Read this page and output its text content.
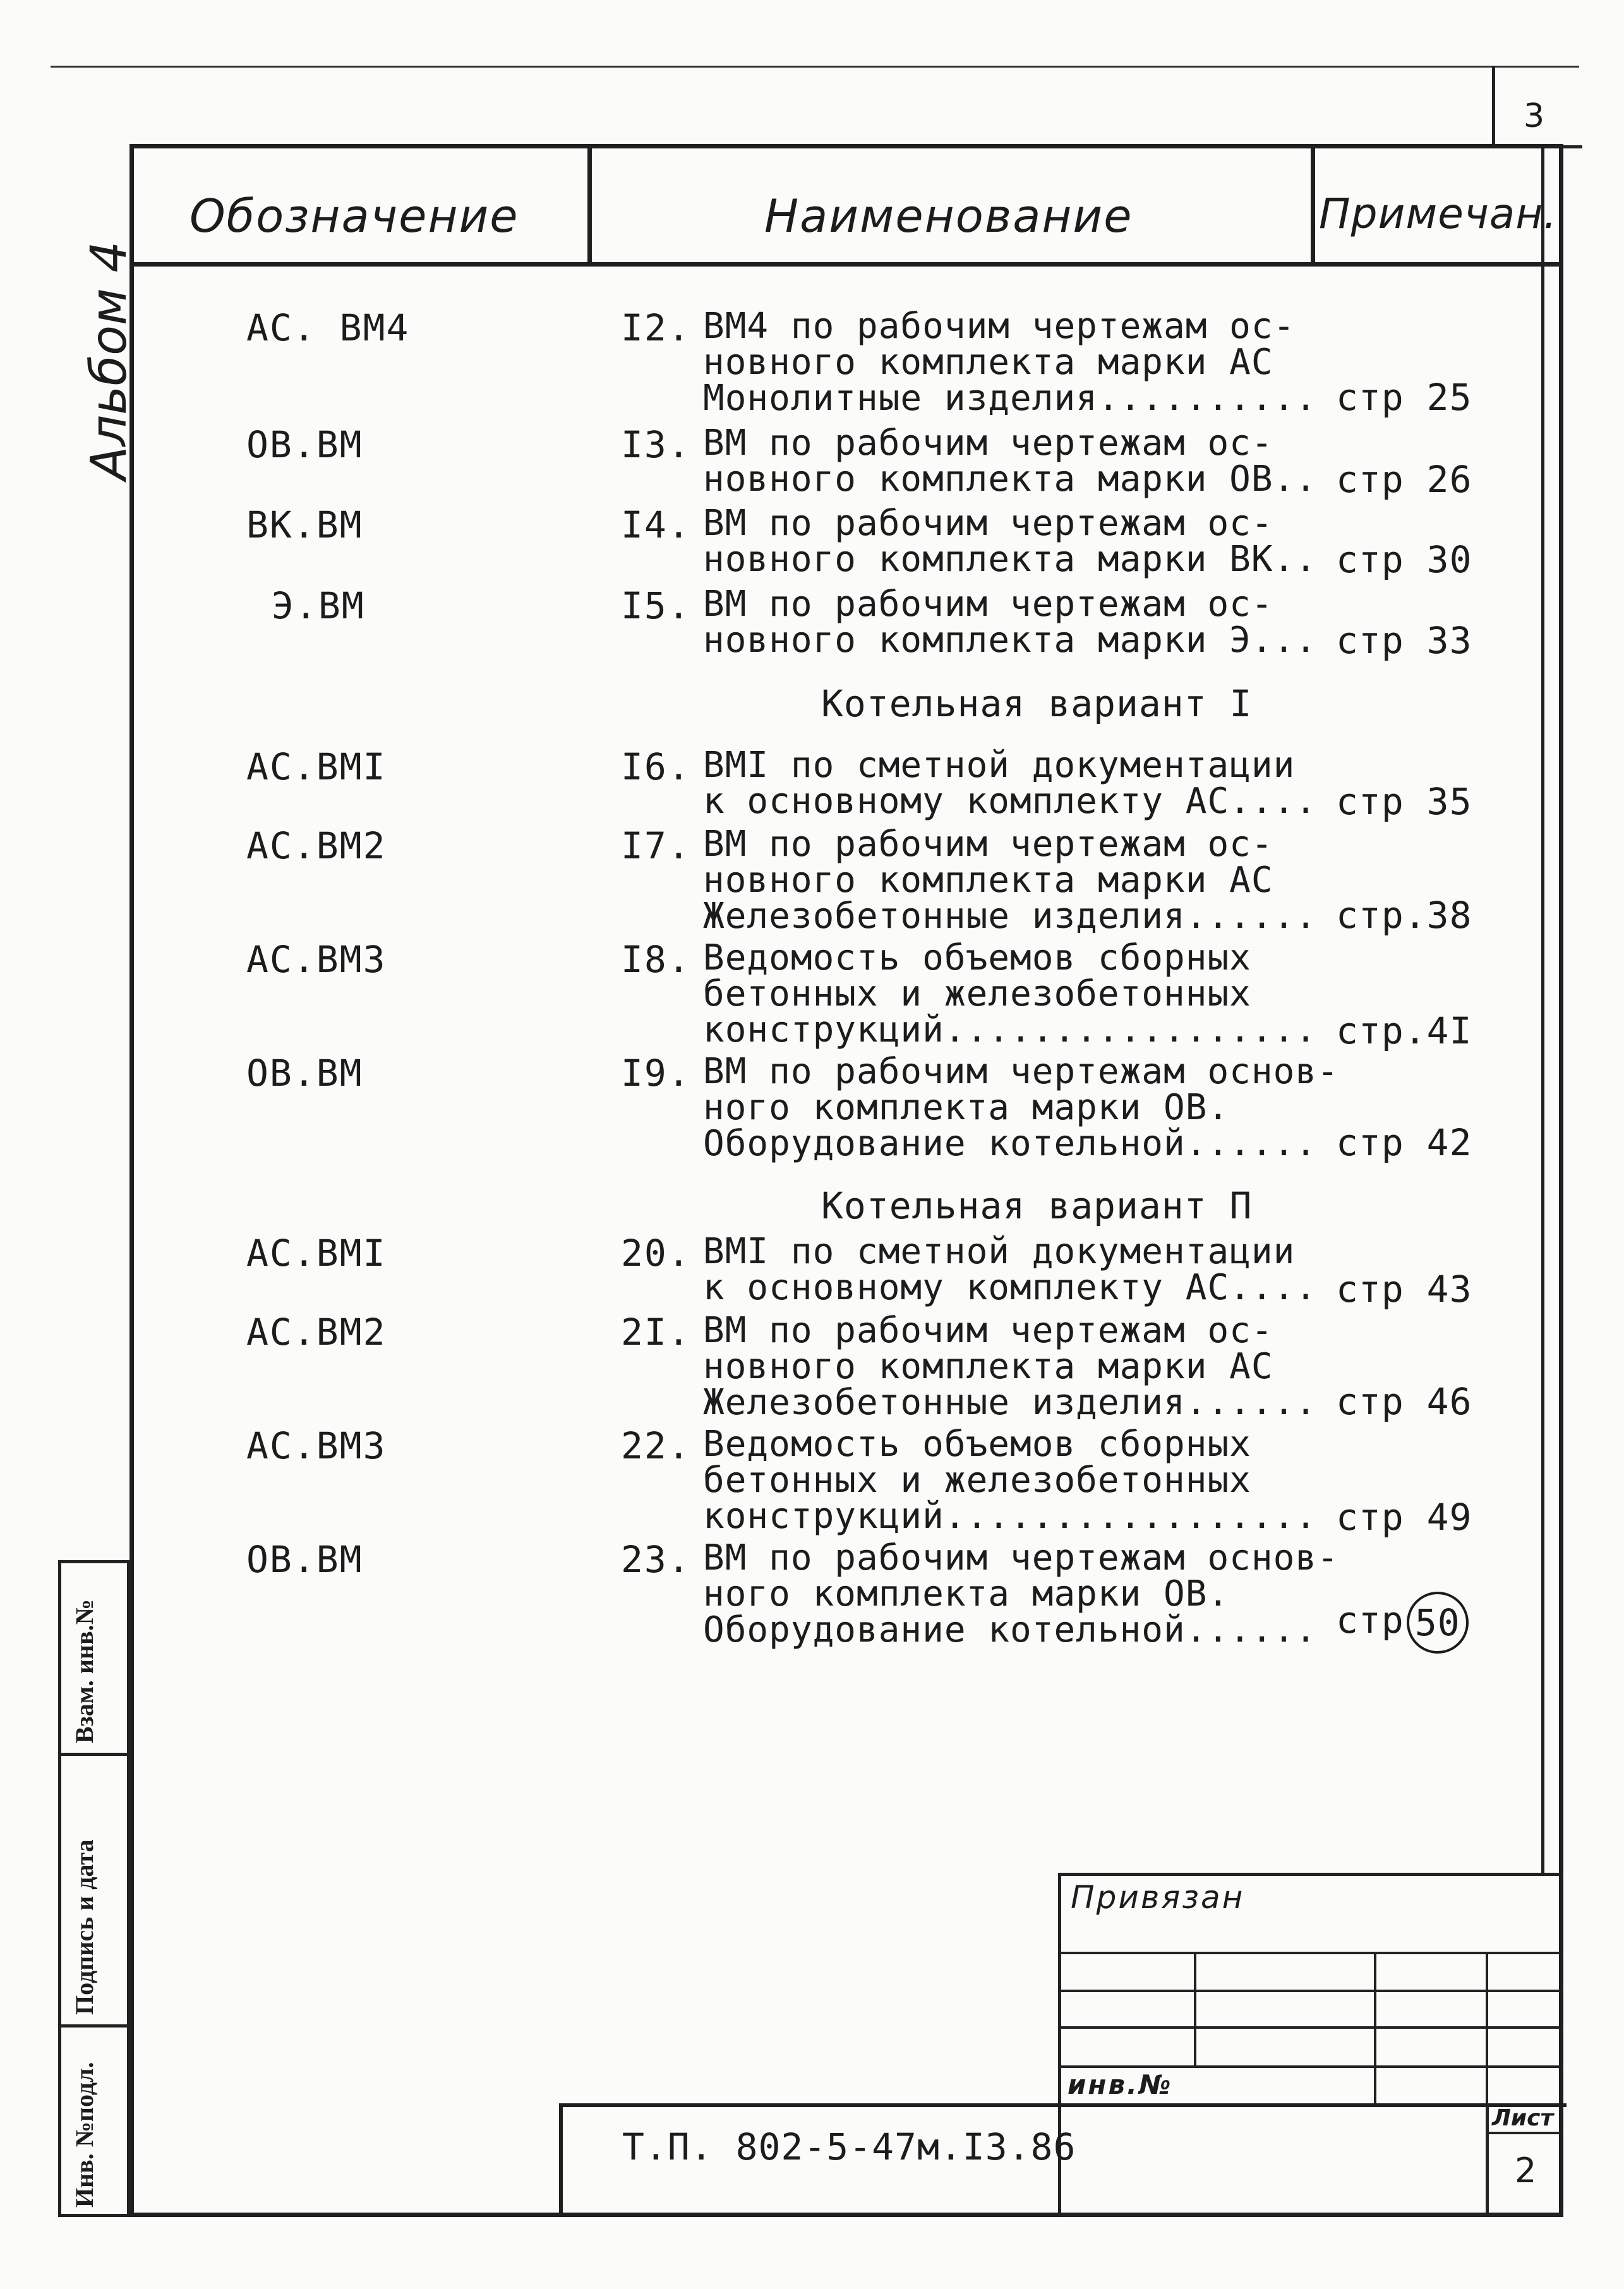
3
Обозначение	Наименование	Примечан.
Альбом 4	АС. ВМ4	I2. ВМ4 по рабочим чертежам ос-
новного комплекта марки АС
Монолитные изделия.......... стр 25
ОВ.ВМ	I3. ВМ по рабочим чертежам ос-
новного комплекта марки ОВ.. стр 26
ВК.ВМ	I4. ВМ по рабочим чертежам ос-
новного комплекта марки ВК.. стр 30
Э.ВМ	I5. ВМ по рабочим чертежам ос-
новного комплекта марки Э... стр 33
Котельная вариант I
АС.ВМI	I6. ВМI по сметной документации
к основному комплекту АС.... стр 35
АС.ВМ2	I7. ВМ по рабочим чертежам ос-
новного комплекта марки АС
Железобетонные изделия...... стр.38
АС.ВМ3	I8. Ведомость объемов сборных
бетонных и железобетонных
конструкций................. стр.4I
ОВ.ВМ	I9. ВМ по рабочим чертежам основ-
ного комплекта марки ОВ.
Оборудование котельной...... стр 42
Котельная вариант П
АС.ВМI	20. ВМI по сметной документации
к основному комплекту АС.... стр 43
АС.ВМ2	2I. ВМ по рабочим чертежам ос-
новного комплекта марки АС
Железобетонные изделия...... стр 46
АС.ВМ3	22. Ведомость объемов сборных
бетонных и железобетонных
конструкций................. стр 49
ОВ.ВМ	23. ВМ по рабочим чертежам основ-
ного комплекта марки ОВ.
Оборудование котельной...... стр 50
Взам. инв.№
Подпись и дата
Инв. №подл.
Привязан
инв.№
Т.П. 802-5-47м.I3.86
Лист
2
